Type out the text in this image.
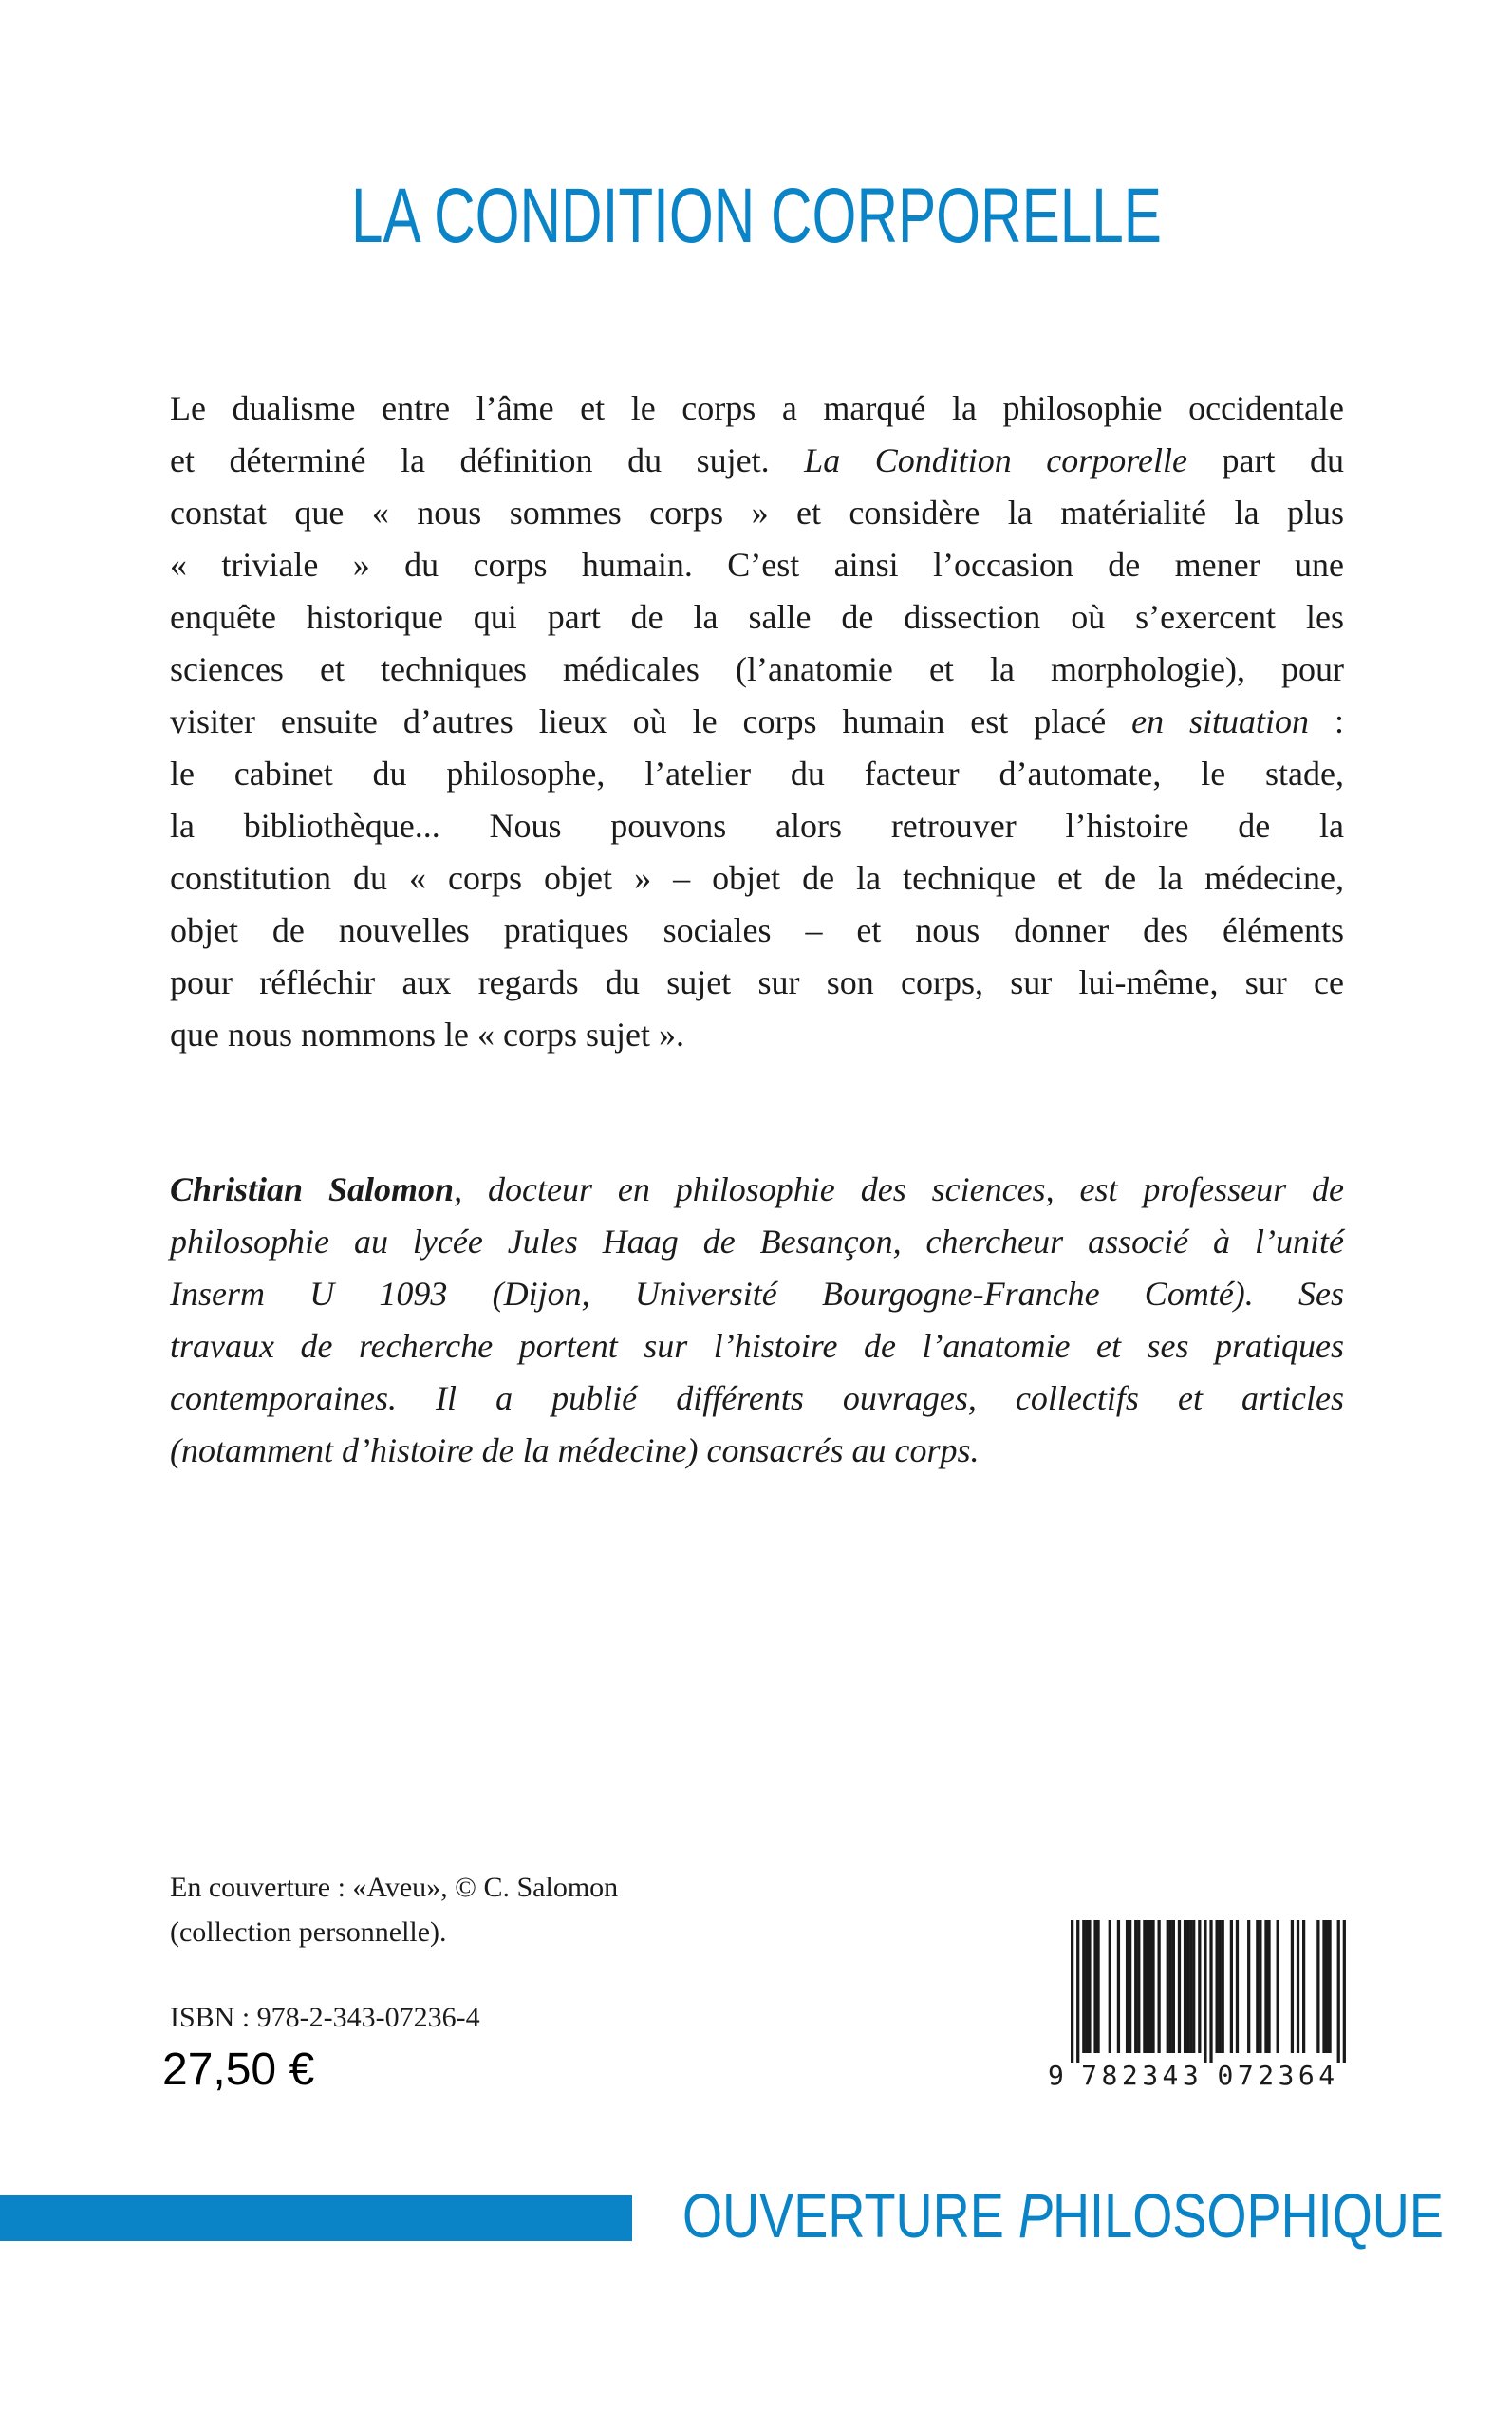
LA CONDITION CORPORELLE
Le dualisme entre l’âme et le corps a marqué la philosophie occidentale
et déterminé la définition du sujet. La Condition corporelle part du
constat que « nous sommes corps » et considère la matérialité la plus
« triviale » du corps humain. C’est ainsi l’occasion de mener une
enquête historique qui part de la salle de dissection où s’exercent les
sciences et techniques médicales (l’anatomie et la morphologie), pour
visiter ensuite d’autres lieux où le corps humain est placé en situation :
le cabinet du philosophe, l’atelier du facteur d’automate, le stade,
la bibliothèque... Nous pouvons alors retrouver l’histoire de la
constitution du « corps objet » – objet de la technique et de la médecine,
objet de nouvelles pratiques sociales – et nous donner des éléments
pour réfléchir aux regards du sujet sur son corps, sur lui-même, sur ce
que nous nommons le « corps sujet ».
Christian Salomon, docteur en philosophie des sciences, est professeur de
philosophie au lycée Jules Haag de Besançon, chercheur associé à l’unité
Inserm U 1093 (Dijon, Université Bourgogne-Franche Comté). Ses
travaux de recherche portent sur l’histoire de l’anatomie et ses pratiques
contemporaines. Il a publié différents ouvrages, collectifs et articles
(notamment d’histoire de la médecine) consacrés au corps.
En couverture : «Aveu», © C. Salomon
(collection personnelle).
ISBN : 978-2-343-07236-4
27,50 €	9 7 8 2 3 4 3 0 7 2 3 6 4
OUVERTURE PHILOSOPHIQUE
